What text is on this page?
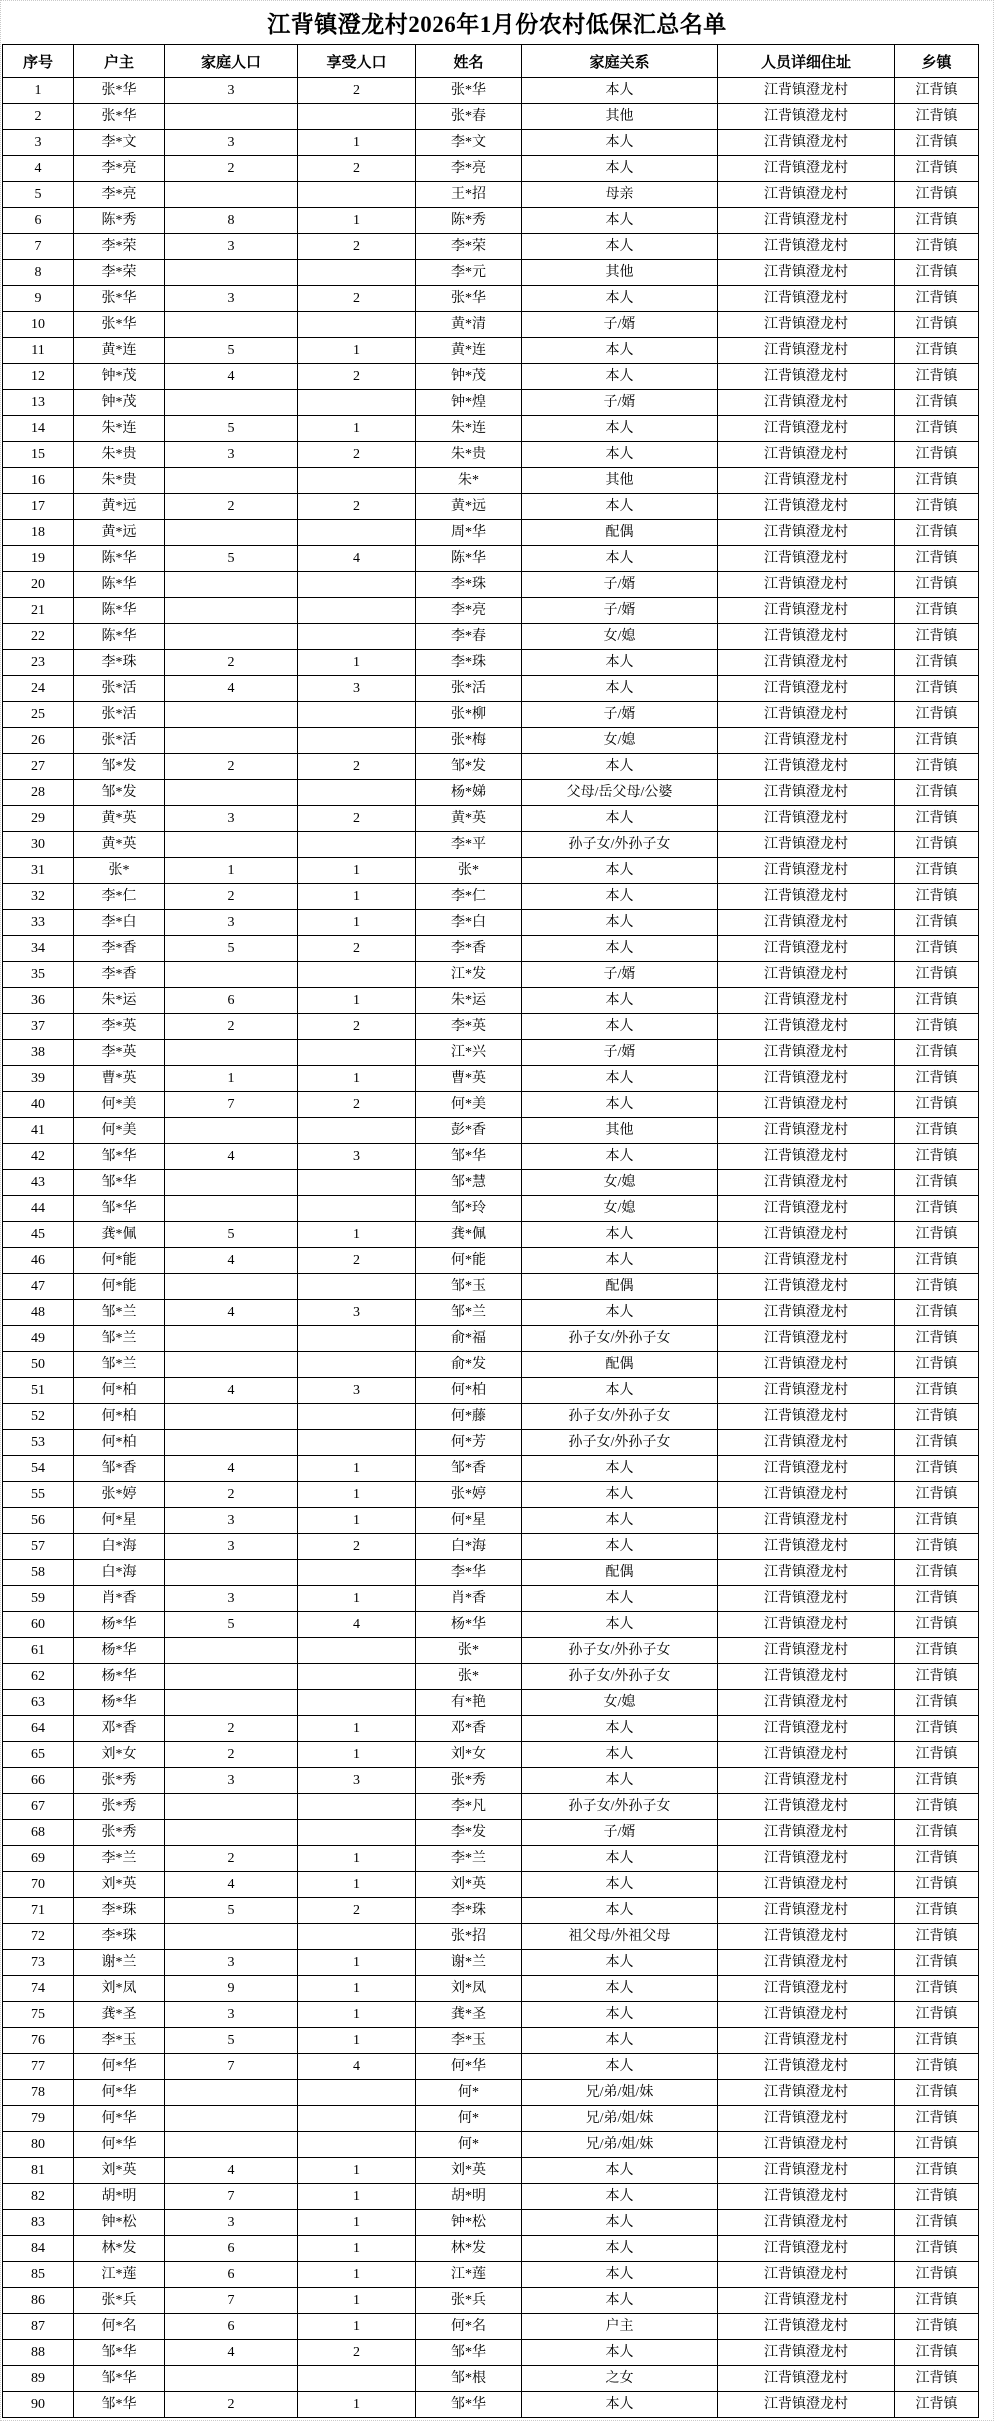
江背镇澄龙村2026年1月份农村低保汇总名单
序号	户主	家庭人口	享受人口	姓名	家庭关系	人员详细住址	乡镇
1	张*华	3	2	张*华	本人	江背镇澄龙村	江背镇
2	张*华			张*春	其他	江背镇澄龙村	江背镇
3	李*文	3	1	李*文	本人	江背镇澄龙村	江背镇
4	李*亮	2	2	李*亮	本人	江背镇澄龙村	江背镇
5	李*亮			王*招	母亲	江背镇澄龙村	江背镇
6	陈*秀	8	1	陈*秀	本人	江背镇澄龙村	江背镇
7	李*荣	3	2	李*荣	本人	江背镇澄龙村	江背镇
8	李*荣			李*元	其他	江背镇澄龙村	江背镇
9	张*华	3	2	张*华	本人	江背镇澄龙村	江背镇
10	张*华			黄*清	子/婿	江背镇澄龙村	江背镇
11	黄*连	5	1	黄*连	本人	江背镇澄龙村	江背镇
12	钟*茂	4	2	钟*茂	本人	江背镇澄龙村	江背镇
13	钟*茂			钟*煌	子/婿	江背镇澄龙村	江背镇
14	朱*连	5	1	朱*连	本人	江背镇澄龙村	江背镇
15	朱*贵	3	2	朱*贵	本人	江背镇澄龙村	江背镇
16	朱*贵			朱*	其他	江背镇澄龙村	江背镇
17	黄*远	2	2	黄*远	本人	江背镇澄龙村	江背镇
18	黄*远			周*华	配偶	江背镇澄龙村	江背镇
19	陈*华	5	4	陈*华	本人	江背镇澄龙村	江背镇
20	陈*华			李*珠	子/婿	江背镇澄龙村	江背镇
21	陈*华			李*亮	子/婿	江背镇澄龙村	江背镇
22	陈*华			李*春	女/媳	江背镇澄龙村	江背镇
23	李*珠	2	1	李*珠	本人	江背镇澄龙村	江背镇
24	张*活	4	3	张*活	本人	江背镇澄龙村	江背镇
25	张*活			张*柳	子/婿	江背镇澄龙村	江背镇
26	张*活			张*梅	女/媳	江背镇澄龙村	江背镇
27	邹*发	2	2	邹*发	本人	江背镇澄龙村	江背镇
28	邹*发			杨*娣	父母/岳父母/公婆	江背镇澄龙村	江背镇
29	黄*英	3	2	黄*英	本人	江背镇澄龙村	江背镇
30	黄*英			李*平	孙子女/外孙子女	江背镇澄龙村	江背镇
31	张*	1	1	张*	本人	江背镇澄龙村	江背镇
32	李*仁	2	1	李*仁	本人	江背镇澄龙村	江背镇
33	李*白	3	1	李*白	本人	江背镇澄龙村	江背镇
34	李*香	5	2	李*香	本人	江背镇澄龙村	江背镇
35	李*香			江*发	子/婿	江背镇澄龙村	江背镇
36	朱*运	6	1	朱*运	本人	江背镇澄龙村	江背镇
37	李*英	2	2	李*英	本人	江背镇澄龙村	江背镇
38	李*英			江*兴	子/婿	江背镇澄龙村	江背镇
39	曹*英	1	1	曹*英	本人	江背镇澄龙村	江背镇
40	何*美	7	2	何*美	本人	江背镇澄龙村	江背镇
41	何*美			彭*香	其他	江背镇澄龙村	江背镇
42	邹*华	4	3	邹*华	本人	江背镇澄龙村	江背镇
43	邹*华			邹*慧	女/媳	江背镇澄龙村	江背镇
44	邹*华			邹*玲	女/媳	江背镇澄龙村	江背镇
45	龚*佩	5	1	龚*佩	本人	江背镇澄龙村	江背镇
46	何*能	4	2	何*能	本人	江背镇澄龙村	江背镇
47	何*能			邹*玉	配偶	江背镇澄龙村	江背镇
48	邹*兰	4	3	邹*兰	本人	江背镇澄龙村	江背镇
49	邹*兰			俞*福	孙子女/外孙子女	江背镇澄龙村	江背镇
50	邹*兰			俞*发	配偶	江背镇澄龙村	江背镇
51	何*柏	4	3	何*柏	本人	江背镇澄龙村	江背镇
52	何*柏			何*藤	孙子女/外孙子女	江背镇澄龙村	江背镇
53	何*柏			何*芳	孙子女/外孙子女	江背镇澄龙村	江背镇
54	邹*香	4	1	邹*香	本人	江背镇澄龙村	江背镇
55	张*婷	2	1	张*婷	本人	江背镇澄龙村	江背镇
56	何*星	3	1	何*星	本人	江背镇澄龙村	江背镇
57	白*海	3	2	白*海	本人	江背镇澄龙村	江背镇
58	白*海			李*华	配偶	江背镇澄龙村	江背镇
59	肖*香	3	1	肖*香	本人	江背镇澄龙村	江背镇
60	杨*华	5	4	杨*华	本人	江背镇澄龙村	江背镇
61	杨*华			张*	孙子女/外孙子女	江背镇澄龙村	江背镇
62	杨*华			张*	孙子女/外孙子女	江背镇澄龙村	江背镇
63	杨*华			有*艳	女/媳	江背镇澄龙村	江背镇
64	邓*香	2	1	邓*香	本人	江背镇澄龙村	江背镇
65	刘*女	2	1	刘*女	本人	江背镇澄龙村	江背镇
66	张*秀	3	3	张*秀	本人	江背镇澄龙村	江背镇
67	张*秀			李*凡	孙子女/外孙子女	江背镇澄龙村	江背镇
68	张*秀			李*发	子/婿	江背镇澄龙村	江背镇
69	李*兰	2	1	李*兰	本人	江背镇澄龙村	江背镇
70	刘*英	4	1	刘*英	本人	江背镇澄龙村	江背镇
71	李*珠	5	2	李*珠	本人	江背镇澄龙村	江背镇
72	李*珠			张*招	祖父母/外祖父母	江背镇澄龙村	江背镇
73	谢*兰	3	1	谢*兰	本人	江背镇澄龙村	江背镇
74	刘*凤	9	1	刘*凤	本人	江背镇澄龙村	江背镇
75	龚*圣	3	1	龚*圣	本人	江背镇澄龙村	江背镇
76	李*玉	5	1	李*玉	本人	江背镇澄龙村	江背镇
77	何*华	7	4	何*华	本人	江背镇澄龙村	江背镇
78	何*华			何*	兄/弟/姐/妹	江背镇澄龙村	江背镇
79	何*华			何*	兄/弟/姐/妹	江背镇澄龙村	江背镇
80	何*华			何*	兄/弟/姐/妹	江背镇澄龙村	江背镇
81	刘*英	4	1	刘*英	本人	江背镇澄龙村	江背镇
82	胡*明	7	1	胡*明	本人	江背镇澄龙村	江背镇
83	钟*松	3	1	钟*松	本人	江背镇澄龙村	江背镇
84	林*发	6	1	林*发	本人	江背镇澄龙村	江背镇
85	江*莲	6	1	江*莲	本人	江背镇澄龙村	江背镇
86	张*兵	7	1	张*兵	本人	江背镇澄龙村	江背镇
87	何*名	6	1	何*名	户主	江背镇澄龙村	江背镇
88	邹*华	4	2	邹*华	本人	江背镇澄龙村	江背镇
89	邹*华			邹*根	之女	江背镇澄龙村	江背镇
90	邹*华	2	1	邹*华	本人	江背镇澄龙村	江背镇
